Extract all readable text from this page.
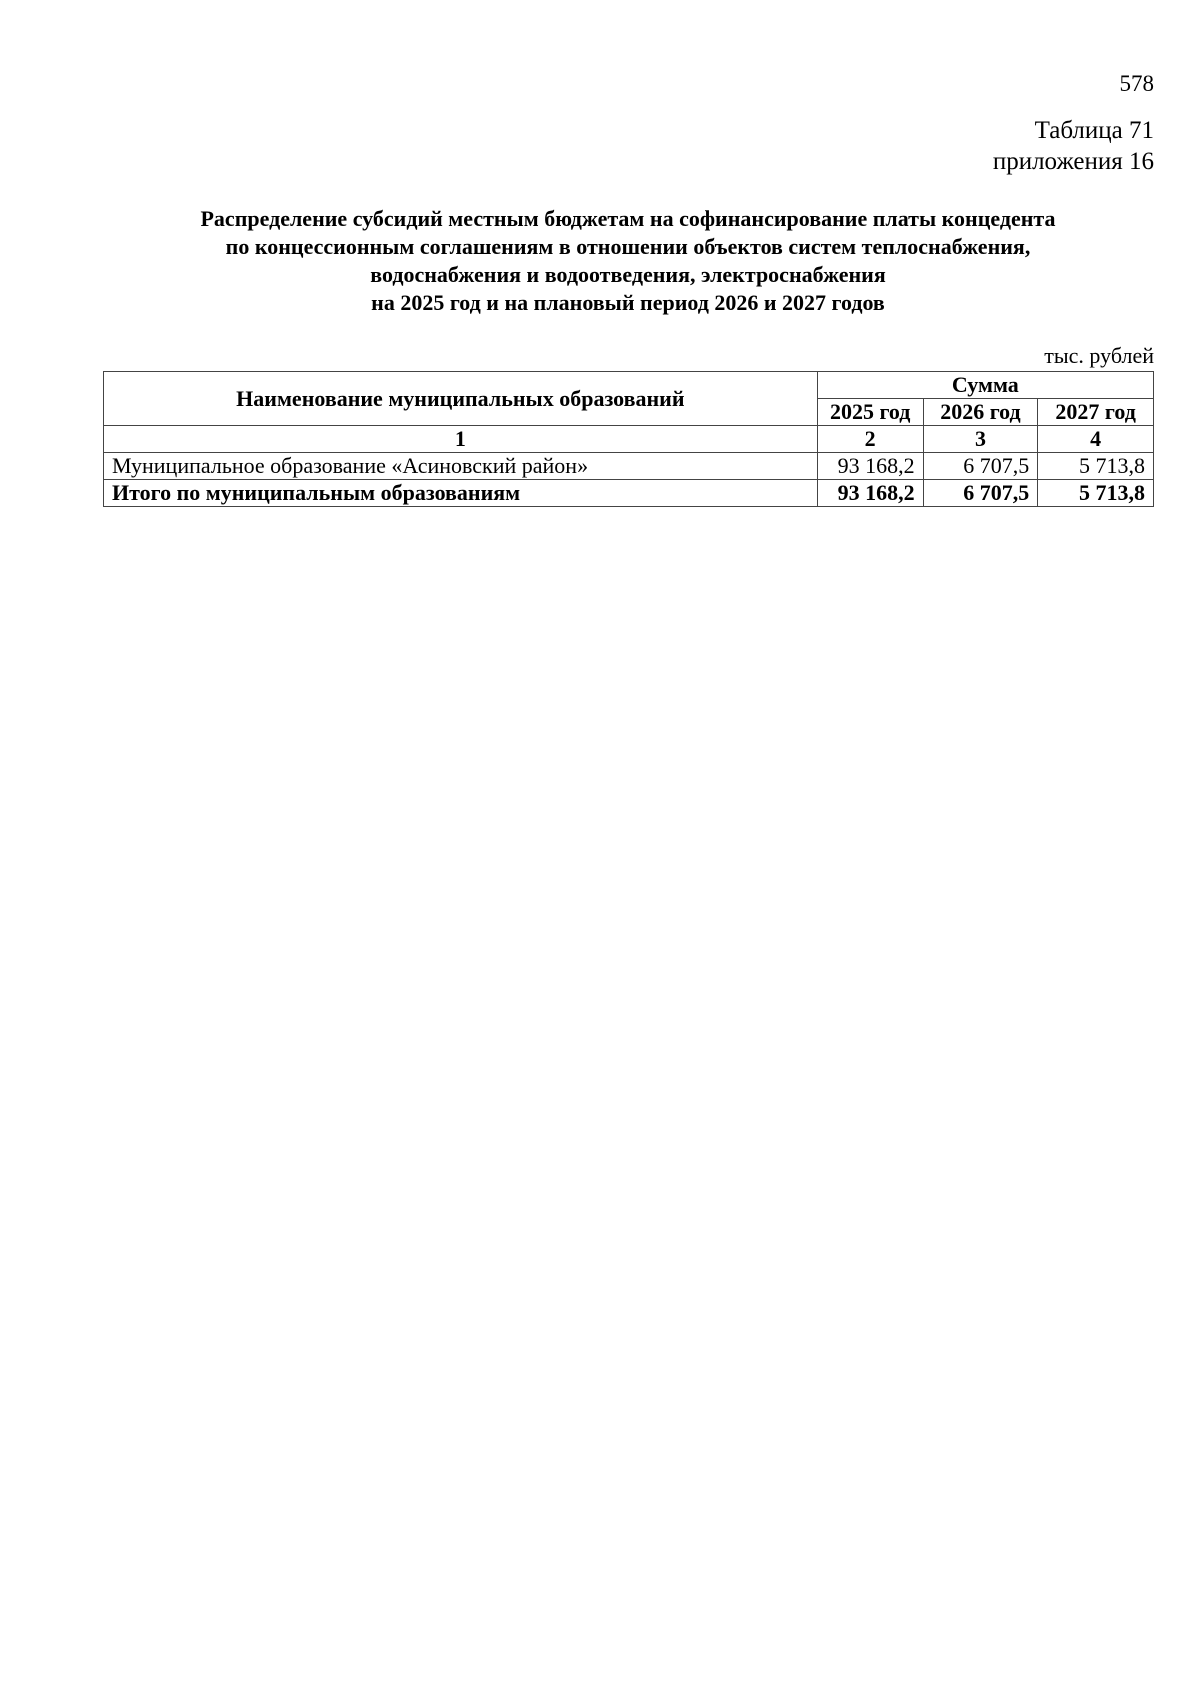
578
Таблица 71
приложения 16
Распределение субсидий местным бюджетам на софинансирование платы концедента
по концессионным соглашениям в отношении объектов систем теплоснабжения,
водоснабжения и водоотведения, электроснабжения
на 2025 год и на плановый период 2026 и 2027 годов
тыс. рублей
Наименование муниципальных образований	Сумма		
	2025 год	2026 год	2027 год
1	2	3	4
Муниципальное образование «Асиновский район»	93 168,2	6 707,5	5 713,8
Итого по муниципальным образованиям	93 168,2	6 707,5	5 713,8
